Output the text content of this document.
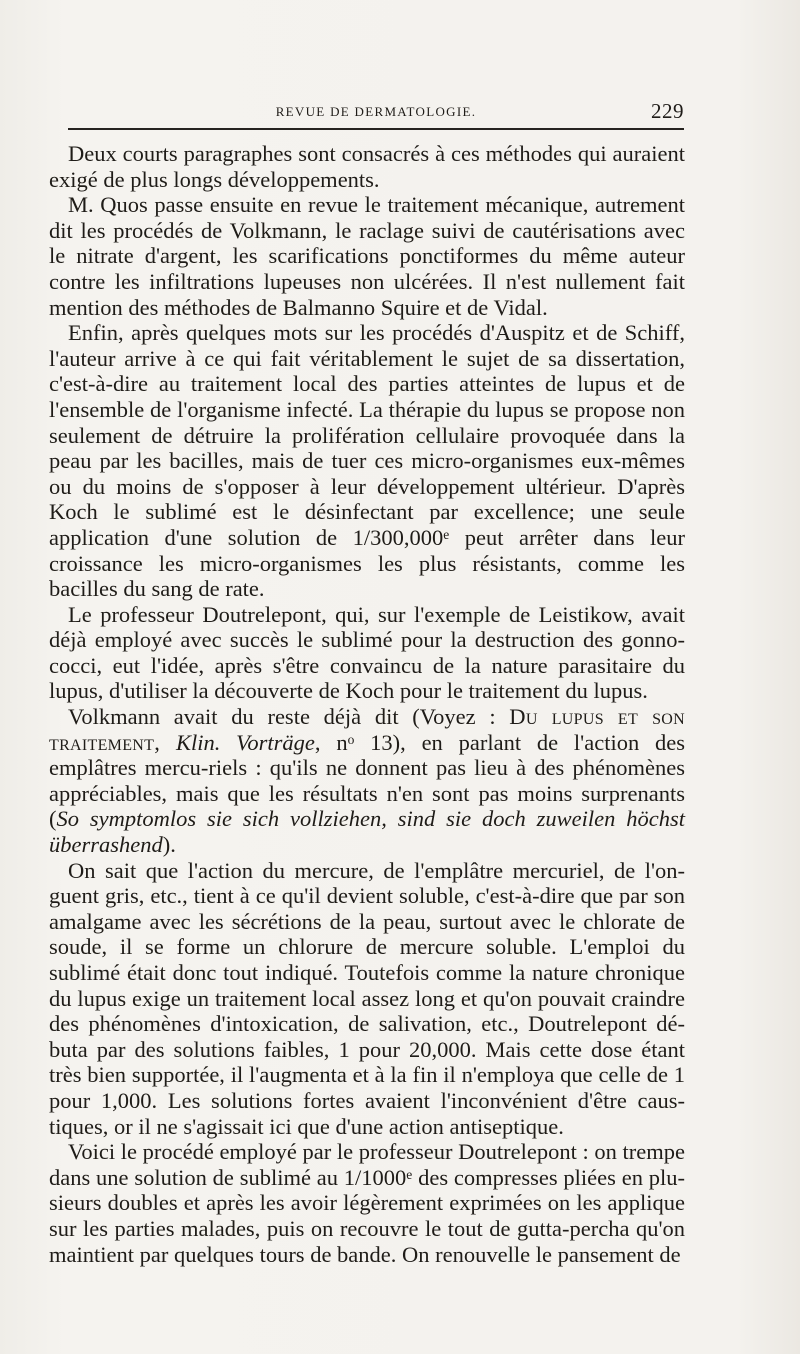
REVUE DE DERMATOLOGIE.	229

Deux courts paragraphes sont consacrés à ces méthodes qui auraient exigé de plus longs développements.

M. Quos passe ensuite en revue le traitement mécanique, autrement dit les procédés de Volkmann, le raclage suivi de cautérisations avec le nitrate d'argent, les scarifications ponctiformes du même auteur contre les infiltrations lupeuses non ulcérées. Il n'est nullement fait mention des méthodes de Balmanno Squire et de Vidal.

Enfin, après quelques mots sur les procédés d'Auspitz et de Schiff, l'auteur arrive à ce qui fait véritablement le sujet de sa dissertation, c'est-à-dire au traitement local des parties atteintes de lupus et de l'ensemble de l'organisme infecté. La thérapie du lupus se propose non seulement de détruire la prolifération cellulaire provoquée dans la peau par les bacilles, mais de tuer ces micro-organismes eux-mêmes ou du moins de s'opposer à leur développement ultérieur. D'après Koch le sublimé est le désinfectant par excellence; une seule application d'une solution de 1/300,000e peut arrêter dans leur croissance les micro-organismes les plus résistants, comme les bacilles du sang de rate.

Le professeur Doutrelepont, qui, sur l'exemple de Leistikow, avait déjà employé avec succès le sublimé pour la destruction des gonno-cocci, eut l'idée, après s'être convaincu de la nature parasitaire du lupus, d'utiliser la découverte de Koch pour le traitement du lupus.

Volkmann avait du reste déjà dit (Voyez : Du lupus et son traitement, Klin. Vorträge, $n^o$ 13), en parlant de l'action des emplâtres mercu-riels : qu'ils ne donnent pas lieu à des phénomènes appréciables, mais que les résultats n'en sont pas moins surprenants (So symptomlos sie sich vollziehen, sind sie doch zuweilen höchst überrashend).

On sait que l'action du mercure, de l'emplâtre mercuriel, de l'on-guent gris, etc., tient à ce qu'il devient soluble, c'est-à-dire que par son amalgame avec les sécrétions de la peau, surtout avec le chlorate de soude, il se forme un chlorure de mercure soluble. L'emploi du sublimé était donc tout indiqué. Toutefois comme la nature chronique du lupus exige un traitement local assez long et qu'on pouvait craindre des phénomènes d'intoxication, de salivation, etc., Doutrelepont dé-buta par des solutions faibles, 1 pour 20,000. Mais cette dose étant très bien supportée, il l'augmenta et à la fin il n'employa que celle de 1 pour 1,000. Les solutions fortes avaient l'inconvénient d'être caus-tiques, or il ne s'agissait ici que d'une action antiseptique.

Voici le procédé employé par le professeur Doutrelepont : on trempe dans une solution de sublimé au 1/1000e des compresses pliées en plu-sieurs doubles et après les avoir légèrement exprimées on les applique sur les parties malades, puis on recouvre le tout de gutta-percha qu'on maintient par quelques tours de bande. On renouvelle le pansement de
